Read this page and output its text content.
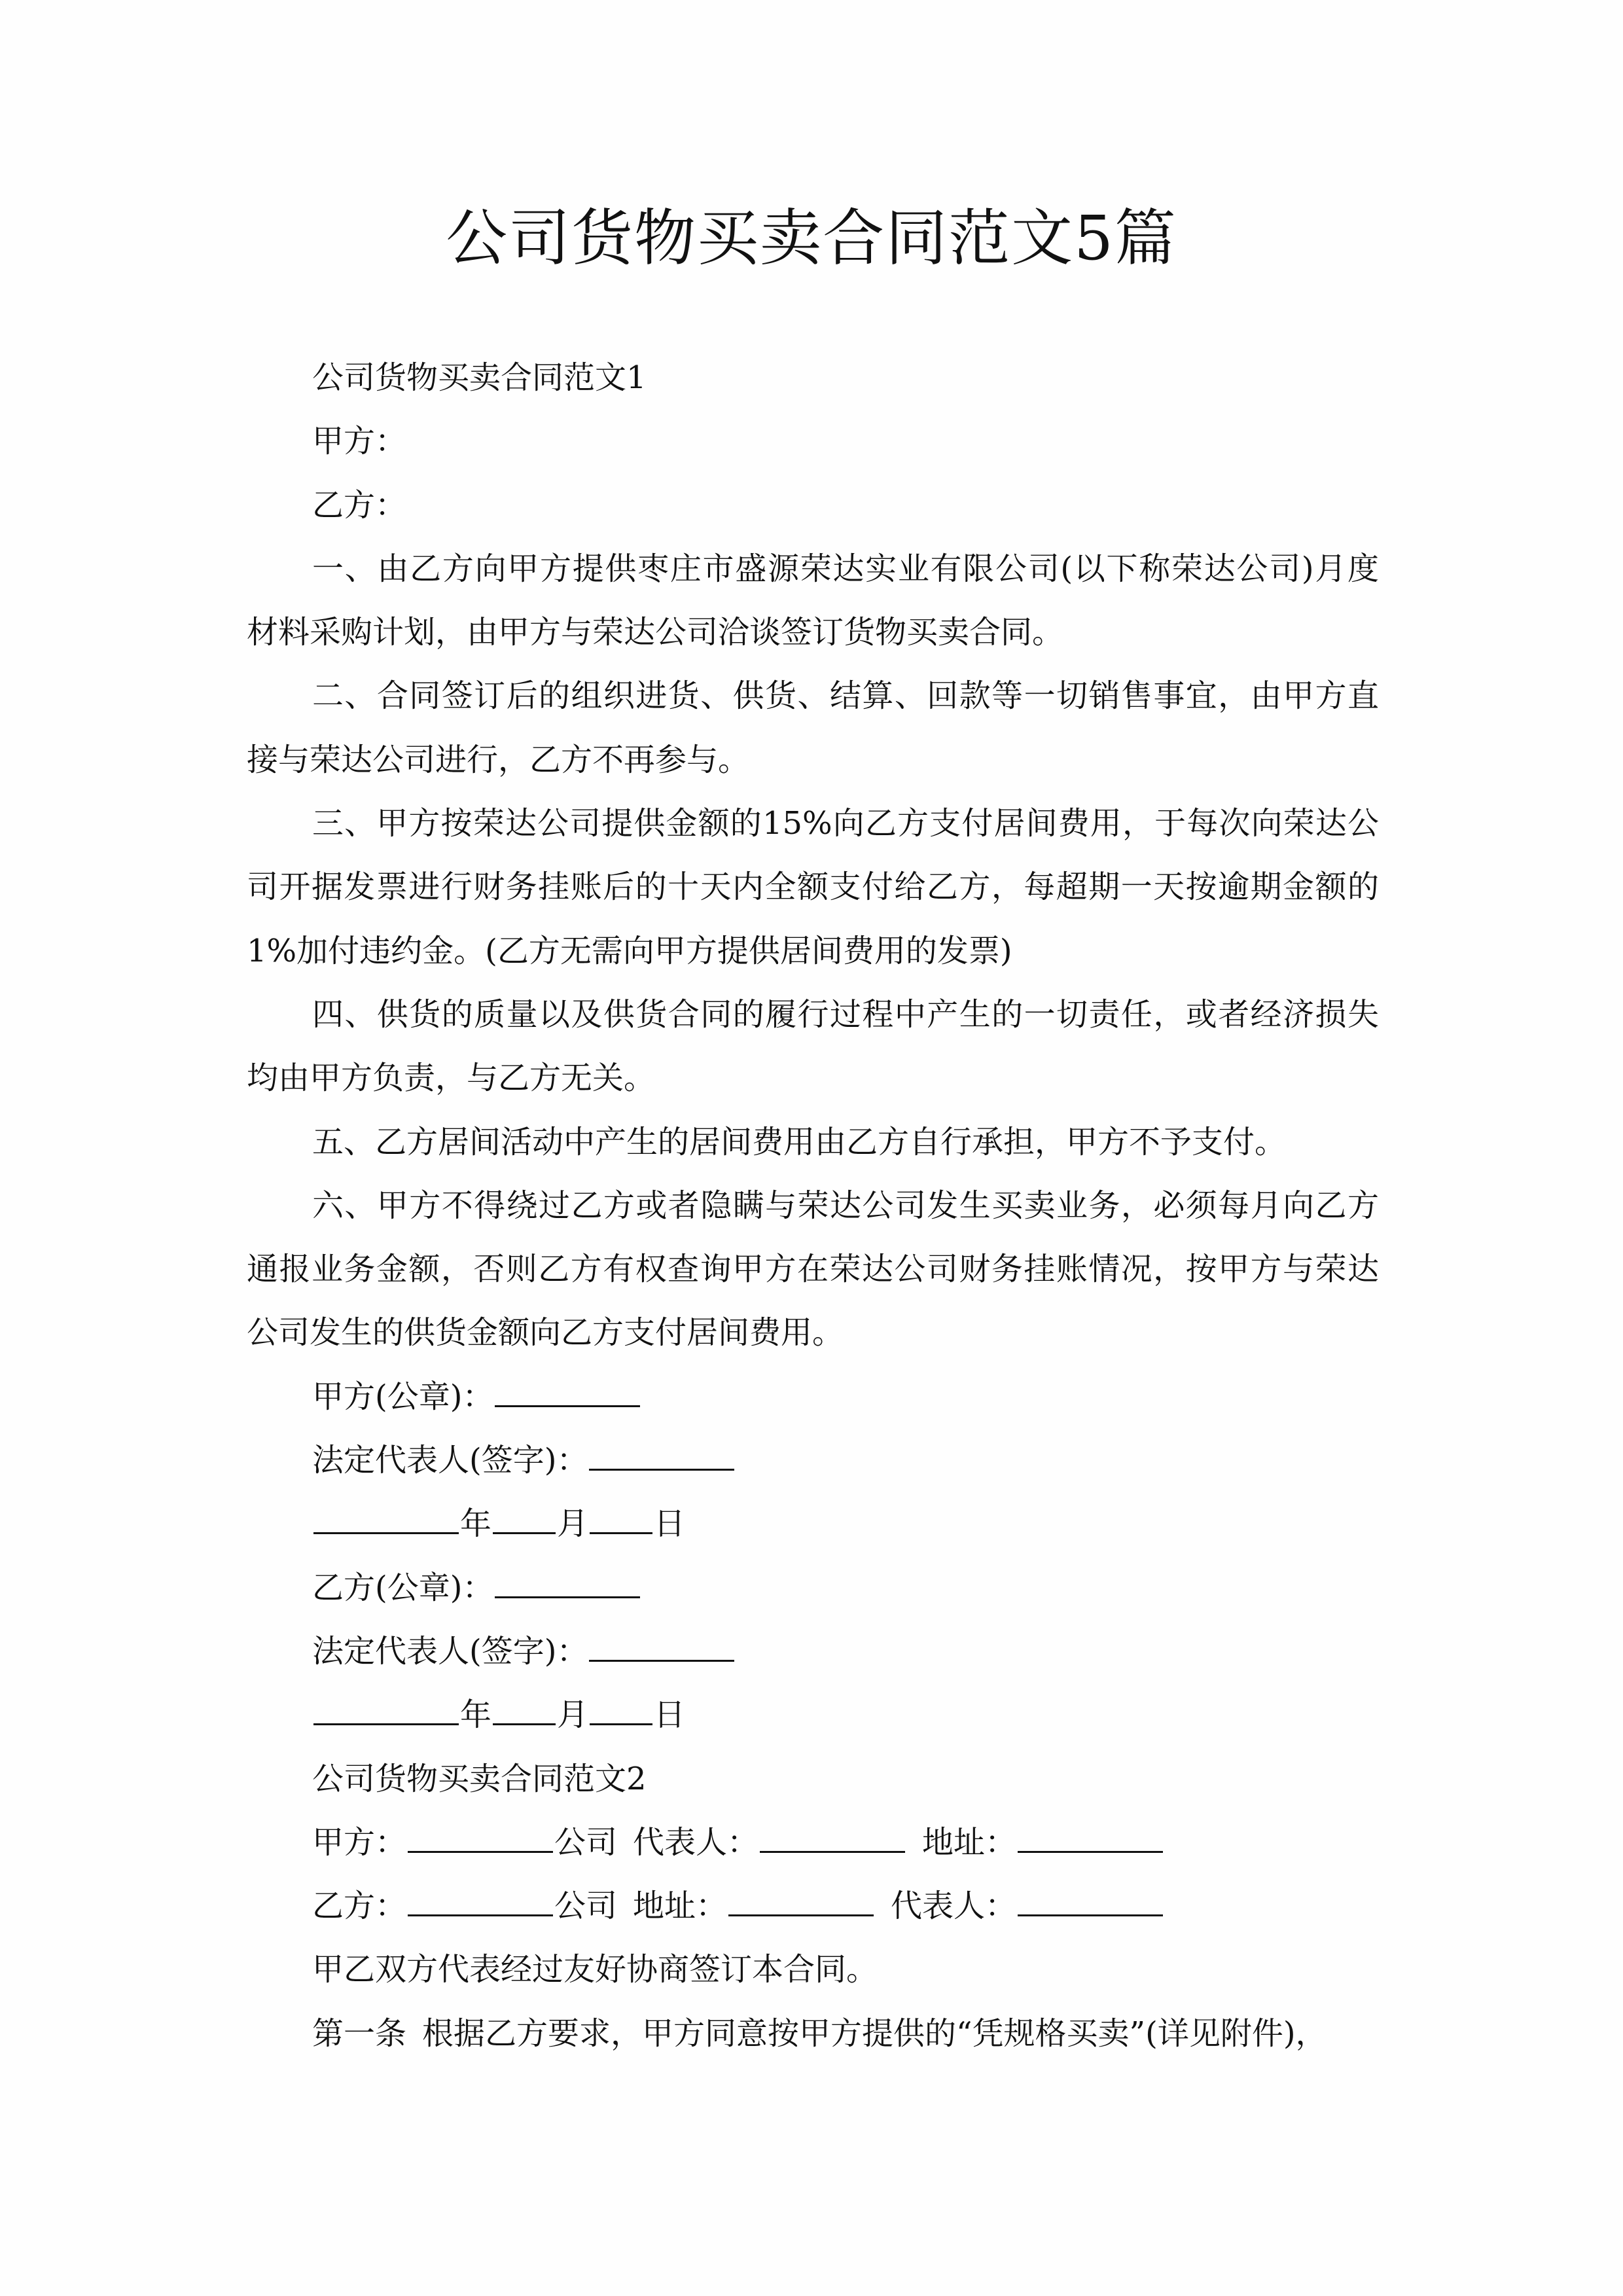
公司货物买卖合同范文5篇
公司货物买卖合同范文1
甲方：
乙方：
一、由乙方向甲方提供枣庄市盛源荣达实业有限公司(以下称荣达公司)月度
材料采购计划，由甲方与荣达公司洽谈签订货物买卖合同。
二、合同签订后的组织进货、供货、结算、回款等一切销售事宜，由甲方直
接与荣达公司进行，乙方不再参与。
三、甲方按荣达公司提供金额的15%向乙方支付居间费用，于每次向荣达公
司开据发票进行财务挂账后的十天内全额支付给乙方，每超期一天按逾期金额的
1%加付违约金。(乙方无需向甲方提供居间费用的发票)
四、供货的质量以及供货合同的履行过程中产生的一切责任，或者经济损失
均由甲方负责，与乙方无关。
五、乙方居间活动中产生的居间费用由乙方自行承担，甲方不予支付。
六、甲方不得绕过乙方或者隐瞒与荣达公司发生买卖业务，必须每月向乙方
通报业务金额，否则乙方有权查询甲方在荣达公司财务挂账情况，按甲方与荣达
公司发生的供货金额向乙方支付居间费用。
甲方(公章)：
法定代表人(签字)：
年 月 日
乙方(公章)：
法定代表人(签字)：
年 月 日
公司货物买卖合同范文2
甲方：	公司 代表人：	地址：
乙方：	公司 地址：	代表人：
甲乙双方代表经过友好协商签订本合同。
第一条 根据乙方要求，甲方同意按甲方提供的“凭规格买卖”(详见附件)，
